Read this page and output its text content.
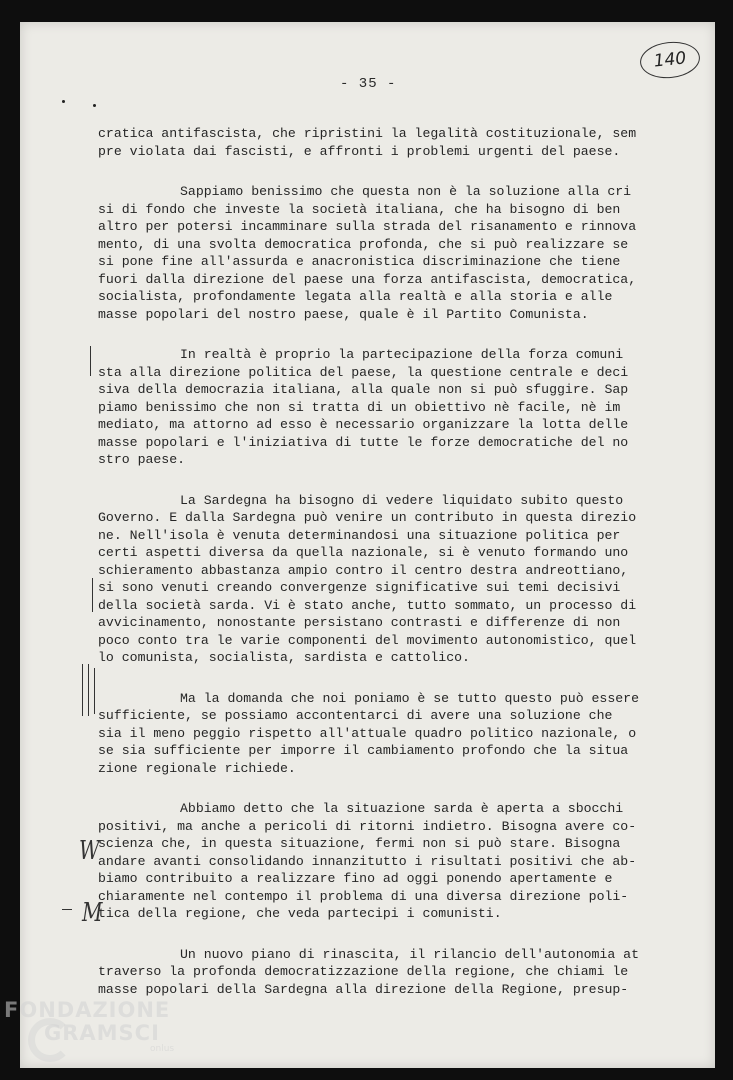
- 35 -
140
cratica antifascista, che ripristini la legalità costituzionale, sem
pre violata dai fascisti, e affronti i problemi urgenti del paese.
Sappiamo benissimo che questa non è la soluzione alla cri
si di fondo che investe la società italiana, che ha bisogno di ben
altro per potersi incamminare sulla strada del risanamento e rinnova
mento, di una svolta democratica profonda, che si può realizzare se
si pone fine all'assurda e anacronistica discriminazione che tiene
fuori dalla direzione del paese una forza antifascista, democratica,
socialista, profondamente legata alla realtà e alla storia e alle
masse popolari del nostro paese, quale è il Partito Comunista.
In realtà è proprio la partecipazione della forza comuni
sta alla direzione politica del paese, la questione centrale e deci
siva della democrazia italiana, alla quale non si può sfuggire. Sap
piamo benissimo che non si tratta di un obiettivo nè facile, nè im
mediato, ma attorno ad esso è necessario organizzare la lotta delle
masse popolari e l'iniziativa di tutte le forze democratiche del no
stro paese.
La Sardegna ha bisogno di vedere liquidato subito questo
Governo. E dalla Sardegna può venire un contributo in questa direzio
ne. Nell'isola è venuta determinandosi una situazione politica per
certi aspetti diversa da quella nazionale, si è venuto formando uno
schieramento abbastanza ampio contro il centro destra andreottiano,
si sono venuti creando convergenze significative sui temi decisivi
della società sarda. Vi è stato anche, tutto sommato, un processo di
avvicinamento, nonostante persistano contrasti e differenze di non
poco conto tra le varie componenti del movimento autonomistico, quel
lo comunista, socialista, sardista e cattolico.
Ma la domanda che noi poniamo è se tutto questo può essere
sufficiente, se possiamo accontentarci di avere una soluzione che
sia il meno peggio rispetto all'attuale quadro politico nazionale, o
se sia sufficiente per imporre il cambiamento profondo che la situa
zione regionale richiede.
Abbiamo detto che la situazione sarda è aperta a sbocchi
positivi, ma anche a pericoli di ritorni indietro. Bisogna avere co-
scienza che, in questa situazione, fermi non si può stare. Bisogna
andare avanti consolidando innanzitutto i risultati positivi che ab-
biamo contribuito a realizzare fino ad oggi ponendo apertamente e
chiaramente nel contempo il problema di una diversa direzione poli-
tica della regione, che veda partecipi i comunisti.
Un nuovo piano di rinascita, il rilancio dell'autonomia at
traverso la profonda democratizzazione della regione, che chiami le
masse popolari della Sardegna alla direzione della Regione, presup-
W
M
FONDAZIONE
GRAMSCI
onlus
